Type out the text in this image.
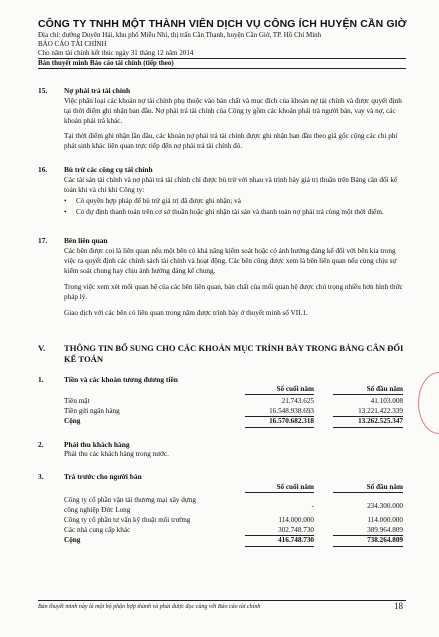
CÔNG TY TNHH MỘT THÀNH VIÊN DỊCH VỤ CÔNG ÍCH HUYỆN CẦN GIỜ
Địa chỉ: đường Duyên Hải, khu phố Miễu Nhì, thị trấn Cần Thạnh, huyện Cần Giờ, TP. Hồ Chí Minh
BÁO CÁO TÀI CHÍNH
Cho năm tài chính kết thúc ngày 31 tháng 12 năm 2014
Bản thuyết minh Báo cáo tài chính (tiếp theo)
15. Nợ phải trả tài chính

Việc phân loại các khoản nợ tài chính phụ thuộc vào bản chất và mục đích của khoản nợ tài chính và được quyết định tại thời điểm ghi nhận ban đầu. Nợ phải trả tài chính của Công ty gồm các khoản phải trả người bán, vay và nợ, các khoản phải trả khác.

Tại thời điểm ghi nhận lần đầu, các khoản nợ phải trả tài chính được ghi nhận ban đầu theo giá gốc cộng các chi phí phát sinh khác liên quan trực tiếp đến nợ phải trả tài chính đó.

16. Bù trừ các công cụ tài chính

Các tài sản tài chính và nợ phải trả tài chính chỉ được bù trừ với nhau và trình bày giá trị thuần trên Bảng cân đối kế toán khi và chỉ khi Công ty:

• Có quyền hợp pháp để bù trừ giá trị đã được ghi nhận; và
• Có dự định thanh toán trên cơ sở thuần hoặc ghi nhận tài sản và thanh toán nợ phải trả cùng một thời điểm.
17. Bên liên quan

Các bên được coi là liên quan nếu một bên có khả năng kiểm soát hoặc có ảnh hưởng đáng kể đối với bên kia trong việc ra quyết định các chính sách tài chính và hoạt động. Các bên cũng được xem là bên liên quan nếu cùng chịu sự kiểm soát chung hay chịu ảnh hưởng đáng kể chung.

Trong việc xem xét mối quan hệ của các bên liên quan, bản chất của mối quan hệ được chú trọng nhiều hơn hình thức pháp lý.

Giao dịch với các bên có liên quan trong năm được trình bày ở thuyết minh số VII.1.

V. THÔNG TIN BỔ SUNG CHO CÁC KHOẢN MỤC TRÌNH BÀY TRONG BẢNG CÂN ĐỐI KẾ TOÁN
1.	Tiền và các khoản tương đương tiền
Số cuối năm	Số đầu năm
Tiền mặt	21.743.625	41.103.008
Tiền gửi ngân hàng	16.548.938.693	13.221.422.339
Cộng	16.570.682.318	13.262.525.347
2.	Phải thu khách hàng
Phải thu các khách hàng trong nước.
3.	Trả trước cho người bán
Số cuối năm	Số đầu năm
Công ty cổ phần vận tải thương mại xây dựng
công nghiệp Đức Long	-	234.300.000
Công ty cổ phần tư vấn kỹ thuật môi trường	114.000.000	114.000.000
Các nhà cung cấp khác	302.748.730	389.964.809
Cộng	416.748.730	738.264.809
Bản thuyết minh này là một bộ phận hợp thành và phải được đọc cùng với Báo cáo tài chính	18
